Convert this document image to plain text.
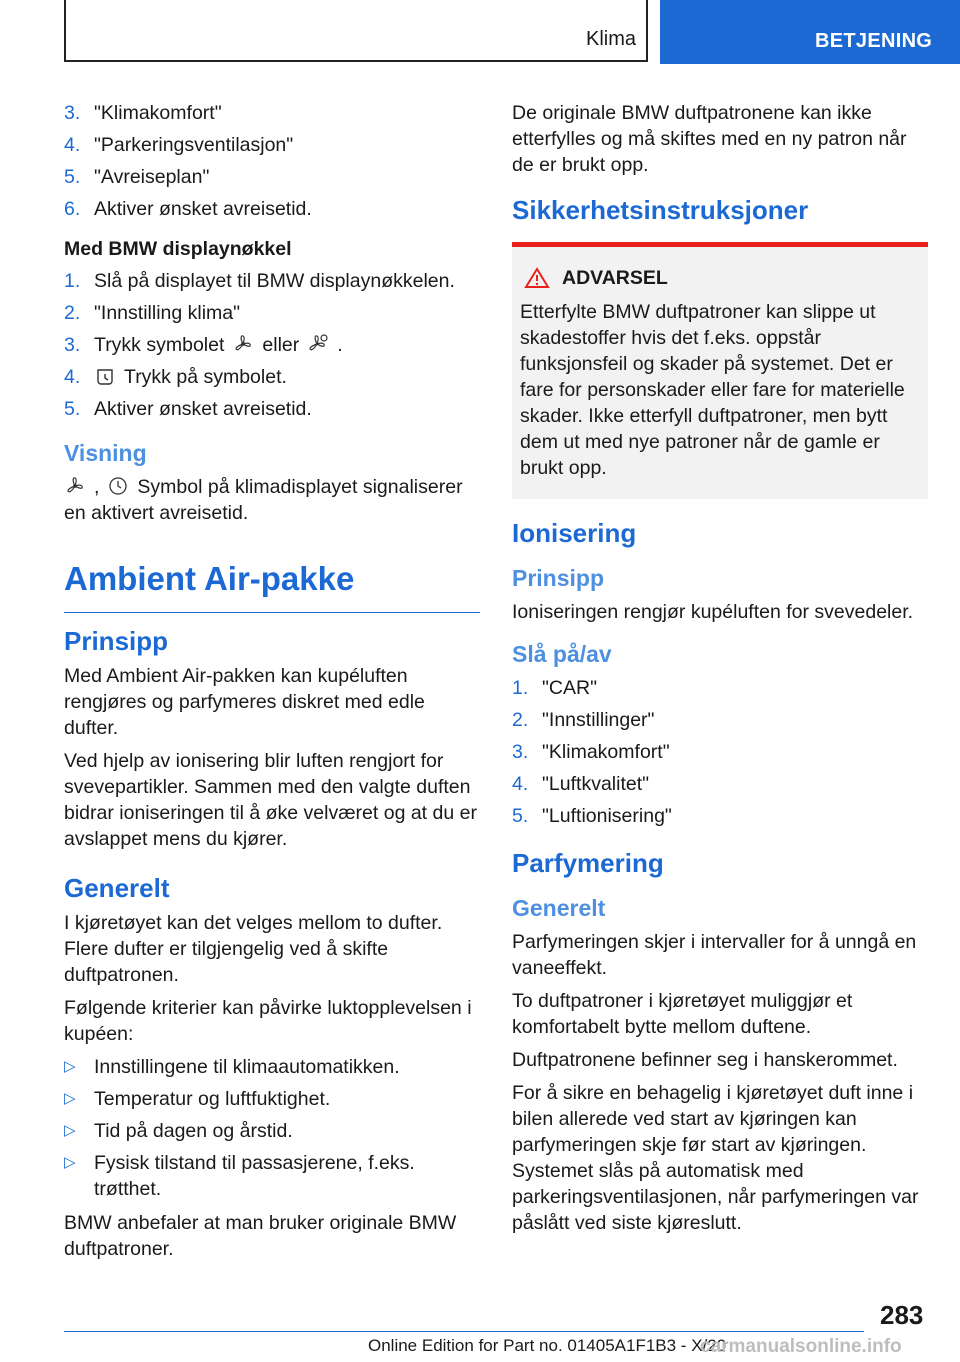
Klima	BETJENING
3. "Klimakomfort"
4. "Parkeringsventilasjon"
5. "Avreiseplan"
6. Aktiver ønsket avreisetid.

Med BMW displaynøkkel

1. Slå på displayet til BMW displaynøkkelen.
2. "Innstilling klima"
3. Trykk symbolet eller .
4. Trykk på symbolet.
5. Aktiver ønsket avreisetid.
Visning

, Symbol på klimadisplayet signaliserer en aktivert avreisetid.

Ambient Air-pakke
Prinsipp

Med Ambient Air-pakken kan kupéluften rengjøres og parfymeres diskret med edle dufter.

Ved hjelp av ionisering blir luften rengjort for svevepartikler. Sammen med den valgte duften bidrar ioniseringen til å øke velværet og at du er avslappet mens du kjører.

Generelt

I kjøretøyet kan det velges mellom to dufter. Flere dufter er tilgjengelig ved å skifte duftpatronen.

Følgende kriterier kan påvirke luktopplevelsen i kupéen:

▷ Innstillingene til klimaautomatikken.
▷ Temperatur og luftfuktighet.
▷ Tid på dagen og årstid.
▷ Fysisk tilstand til passasjerene, f.eks. trøtthet.

BMW anbefaler at man bruker originale BMW duftpatroner.

De originale BMW duftpatronene kan ikke etterfylles og må skiftes med en ny patron når de er brukt opp.

Sikkerhetsinstruksjoner
ADVARSEL

Etterfylte BMW duftpatroner kan slippe ut skadestoffer hvis det f.eks. oppstår funksjonsfeil og skader på systemet. Det er fare for personskader eller fare for materielle skader. Ikke etterfyll duftpatroner, men bytt dem ut med nye patroner når de gamle er brukt opp.

Ionisering
Prinsipp

Ioniseringen rengjør kupéluften for svevedeler.

Slå på/av
1. "CAR"
2. "Innstillinger"
3. "Klimakomfort"
4. "Luftkvalitet"
5. "Luftionisering"
Parfymering
Generelt

Parfymeringen skjer i intervaller for å unngå en vaneeffekt.

To duftpatroner i kjøretøyet muliggjør et komfortabelt bytte mellom duftene.

Duftpatronene befinner seg i hanskerommet.

For å sikre en behagelig i kjøretøyet duft inne i bilen allerede ved start av kjøringen kan parfymeringen skje før start av kjøringen. Systemet slås på automatisk med parkeringsventilasjonen, når parfymeringen var påslått ved siste kjøreslutt.

283
Online Edition for Part no. 01405A1F1B3 - X/20
carmanualsonline.info
